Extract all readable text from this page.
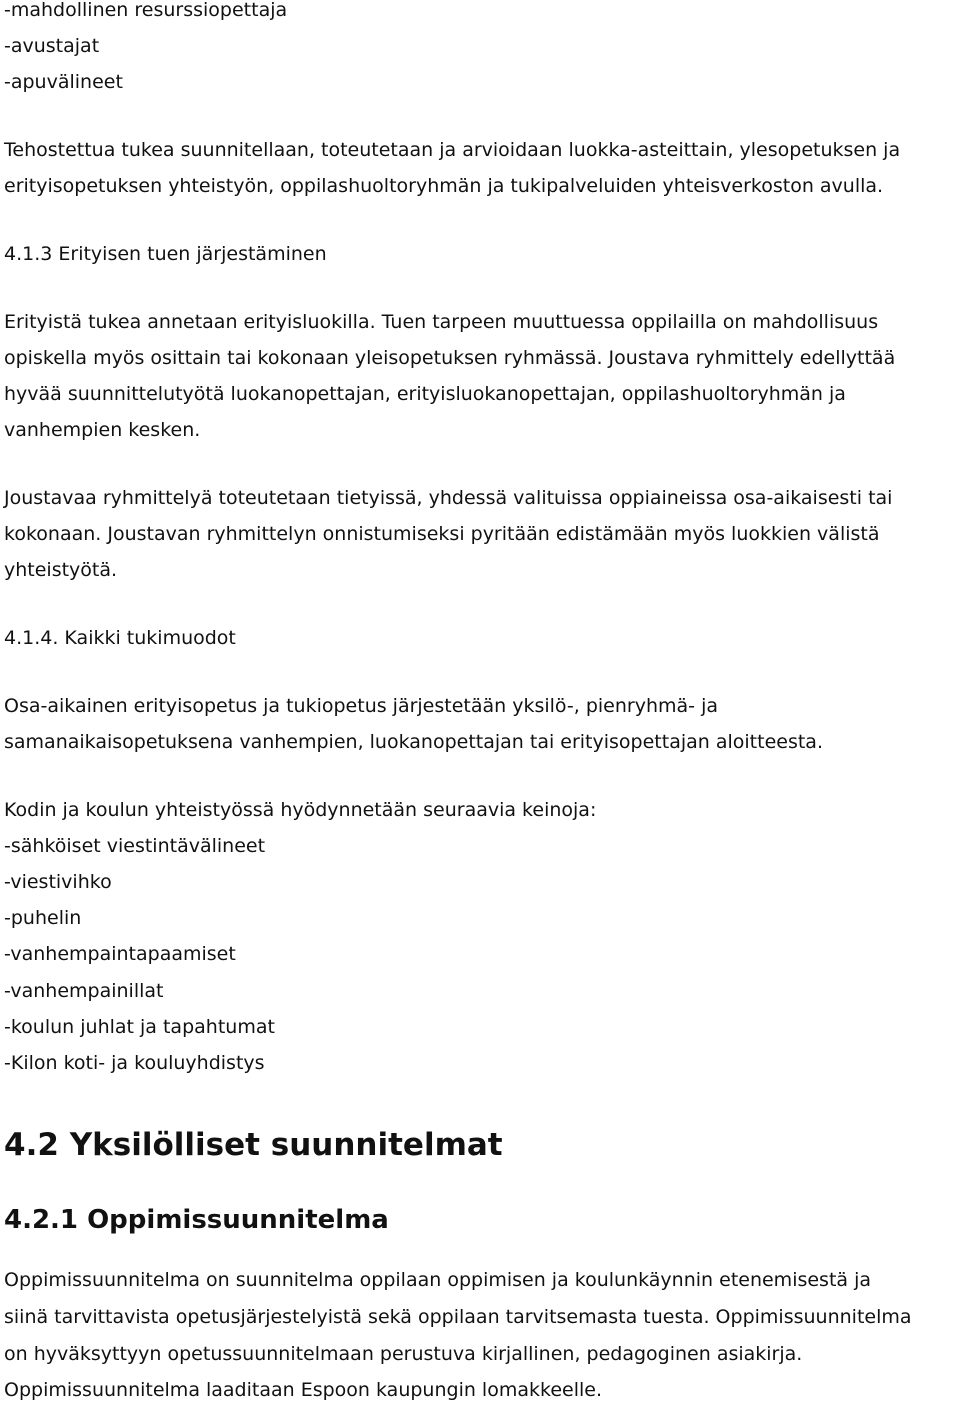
-mahdollinen resurssiopettaja
-avustajat
-apuvälineet
Tehostettua tukea suunnitellaan, toteutetaan ja arvioidaan luokka-asteittain, ylesopetuksen ja
erityisopetuksen yhteistyön, oppilashuoltoryhmän ja tukipalveluiden yhteisverkoston avulla.
4.1.3 Erityisen tuen järjestäminen
Erityistä tukea annetaan erityisluokilla. Tuen tarpeen muuttuessa oppilailla on mahdollisuus
opiskella myös osittain tai kokonaan yleisopetuksen ryhmässä. Joustava ryhmittely edellyttää
hyvää suunnittelutyötä luokanopettajan, erityisluokanopettajan, oppilashuoltoryhmän ja
vanhempien kesken.
Joustavaa ryhmittelyä toteutetaan tietyissä, yhdessä valituissa oppiaineissa osa-aikaisesti tai
kokonaan. Joustavan ryhmittelyn onnistumiseksi pyritään edistämään myös luokkien välistä
yhteistyötä.
4.1.4. Kaikki tukimuodot
Osa-aikainen erityisopetus ja tukiopetus järjestetään yksilö-, pienryhmä- ja
samanaikaisopetuksena vanhempien, luokanopettajan tai erityisopettajan aloitteesta.
Kodin ja koulun yhteistyössä hyödynnetään seuraavia keinoja:
-sähköiset viestintävälineet
-viestivihko
-puhelin
-vanhempaintapaamiset
-vanhempainillat
-koulun juhlat ja tapahtumat
-Kilon koti- ja kouluyhdistys
4.2 Yksilölliset suunnitelmat
4.2.1 Oppimissuunnitelma
Oppimissuunnitelma on suunnitelma oppilaan oppimisen ja koulunkäynnin etenemisestä ja
siinä tarvittavista opetusjärjestelyistä sekä oppilaan tarvitsemasta tuesta. Oppimissuunnitelma
on hyväksyttyyn opetussuunnitelmaan perustuva kirjallinen, pedagoginen asiakirja.
Oppimissuunnitelma laaditaan Espoon kaupungin lomakkeelle.
